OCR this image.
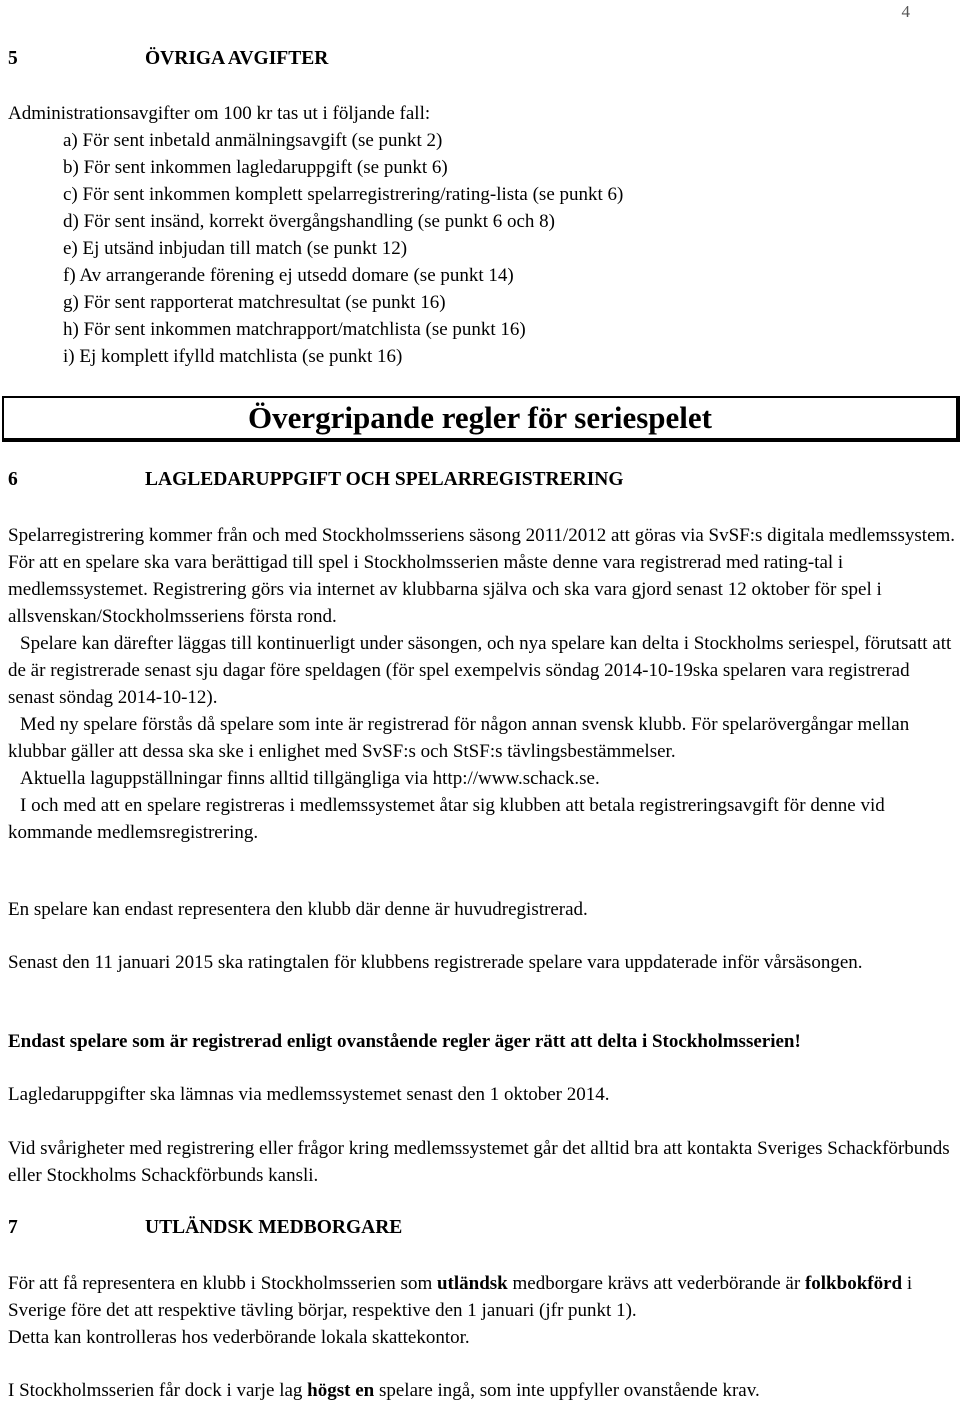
4
5	ÖVRIGA AVGIFTER

Administrationsavgifter om 100 kr tas ut i följande fall:

a) För sent inbetald anmälningsavgift (se punkt 2)
b) För sent inkommen lagledaruppgift (se punkt 6)
c) För sent inkommen komplett spelarregistrering/rating-lista (se punkt 6)
d) För sent insänd, korrekt övergångshandling (se punkt 6 och 8)
e) Ej utsänd inbjudan till match (se punkt 12)
f) Av arrangerande förening ej utsedd domare (se punkt 14)
g) För sent rapporterat matchresultat (se punkt 16)
h) För sent inkommen matchrapport/matchlista (se punkt 16)
i) Ej komplett ifylld matchlista (se punkt 16)
Övergripande regler för seriespelet
6	LAGLEDARUPPGIFT OCH SPELARREGISTRERING

Spelarregistrering kommer från och med Stockholmsseriens säsong 2011/2012 att göras via SvSF:s digitala medlemssystem. För att en spelare ska vara berättigad till spel i Stockholmsserien måste denne vara registrerad med rating-tal i medlemssystemet. Registrering görs via internet av klubbarna själva och ska vara gjord senast 12 oktober för spel i allsvenskan/Stockholmsseriens första rond.

Spelare kan därefter läggas till kontinuerligt under säsongen, och nya spelare kan delta i Stockholms seriespel, förutsatt att de är registrerade senast sju dagar före speldagen (för spel exempelvis söndag 2014-10-19ska spelaren vara registrerad senast söndag 2014-10-12).

Med ny spelare förstås då spelare som inte är registrerad för någon annan svensk klubb. För spelarövergångar mellan klubbar gäller att dessa ska ske i enlighet med SvSF:s och StSF:s tävlingsbestämmelser.

Aktuella laguppställningar finns alltid tillgängliga via http://www.schack.se.

I och med att en spelare registreras i medlemssystemet åtar sig klubben att betala registreringsavgift för denne vid kommande medlemsregistrering.

En spelare kan endast representera den klubb där denne är huvudregistrerad.
Senast den 11 januari 2015 ska ratingtalen för klubbens registrerade spelare vara uppdaterade inför vårsäsongen.
Endast spelare som är registrerad enligt ovanstående regler äger rätt att delta i Stockholmsserien!
Lagledaruppgifter ska lämnas via medlemssystemet senast den 1 oktober 2014.
Vid svårigheter med registrering eller frågor kring medlemssystemet går det alltid bra att kontakta Sveriges Schackförbunds eller Stockholms Schackförbunds kansli.
7	UTLÄNDSK MEDBORGARE

För att få representera en klubb i Stockholmsserien som utländsk medborgare krävs att vederbörande är folkbokförd i Sverige före det att respektive tävling börjar, respektive den 1 januari (jfr punkt 1).

Detta kan kontrolleras hos vederbörande lokala skattekontor.

I Stockholmsserien får dock i varje lag högst en spelare ingå, som inte uppfyller ovanstående krav.
